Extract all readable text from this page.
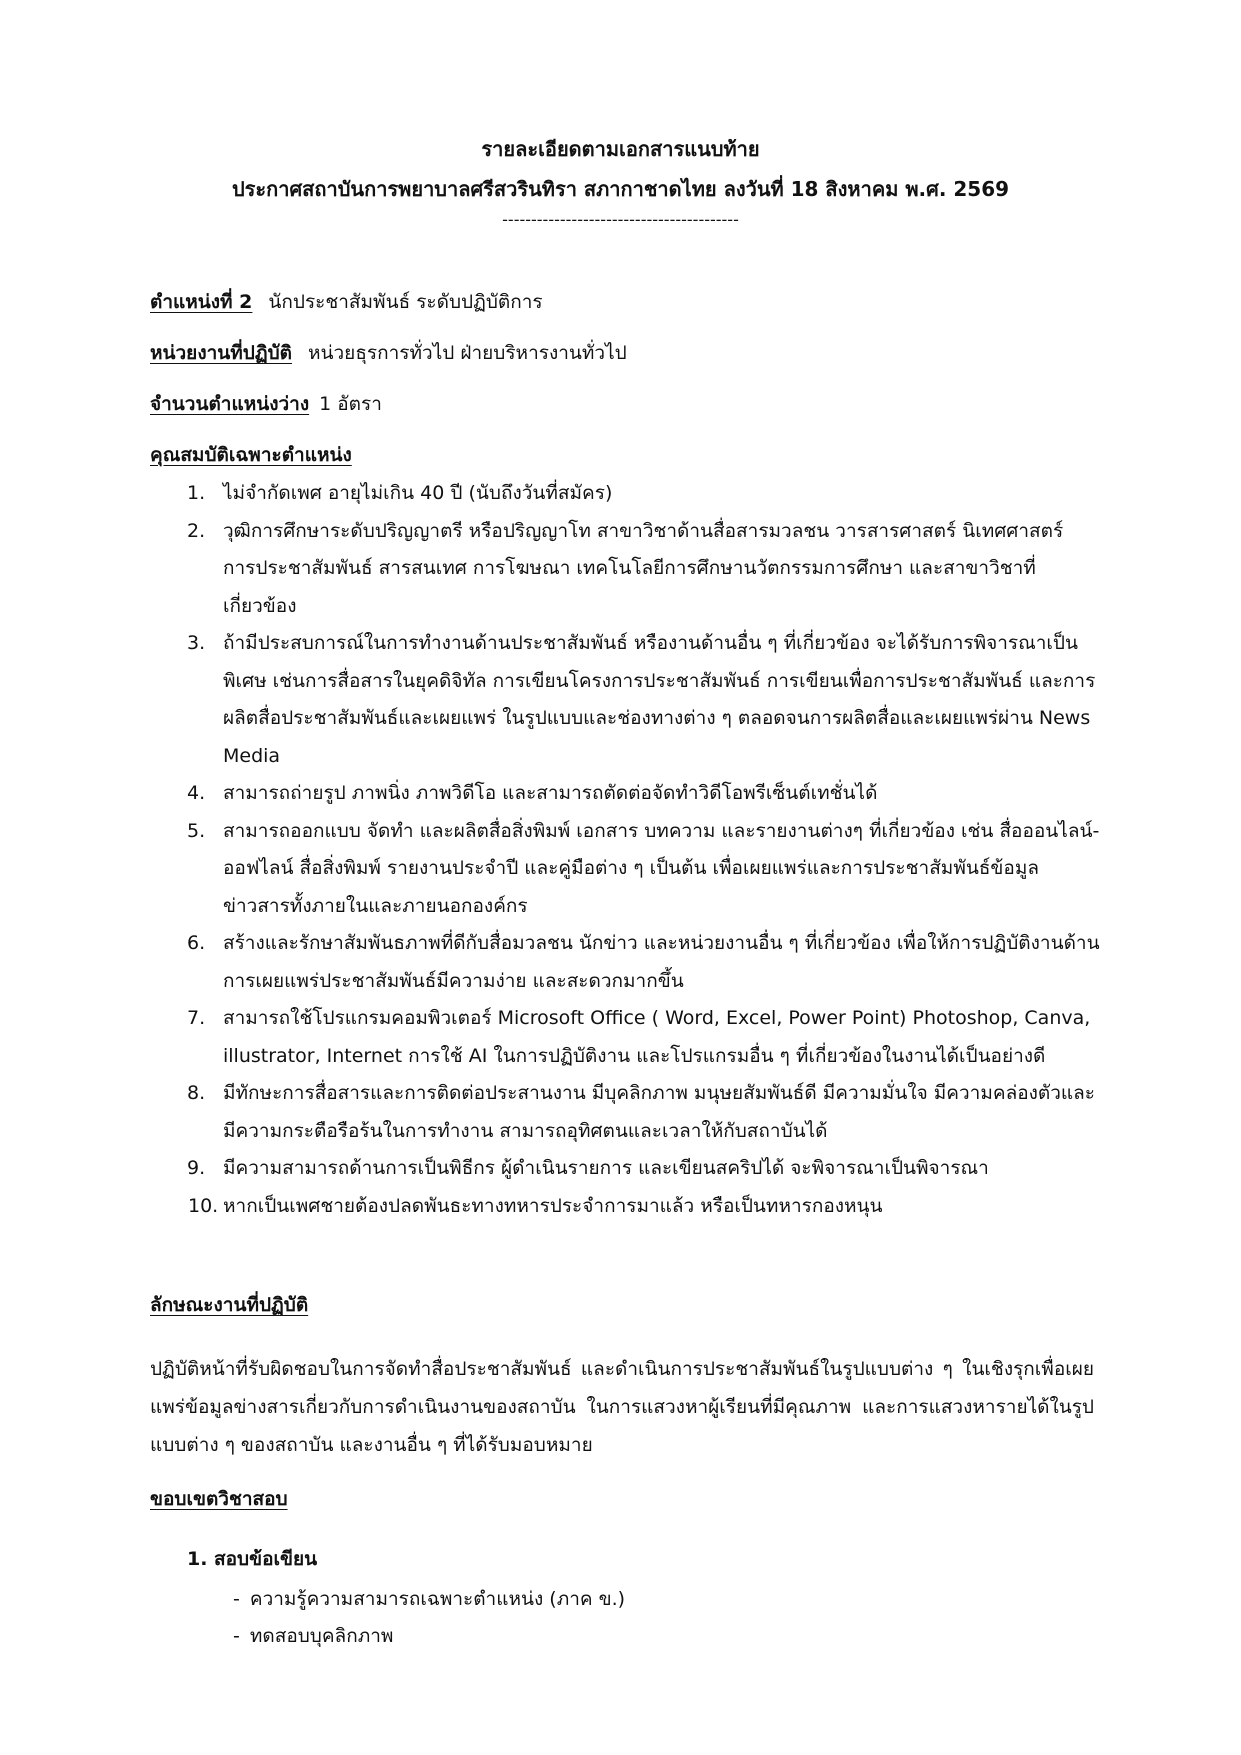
รายละเอียดตามเอกสารแนบท้าย
ประกาศสถาบันการพยาบาลศรีสวรินทิรา สภากาชาดไทย ลงวันที่ 18 สิงหาคม พ.ศ. 2569
-----------------------------------------
ตำแหน่งที่ 2 นักประชาสัมพันธ์ ระดับปฏิบัติการ
หน่วยงานที่ปฏิบัติ หน่วยธุรการทั่วไป ฝ่ายบริหารงานทั่วไป
จำนวนตำแหน่งว่าง 1 อัตรา
คุณสมบัติเฉพาะตำแหน่ง
1. ไม่จำกัดเพศ อายุไม่เกิน 40 ปี (นับถึงวันที่สมัคร)
2. วุฒิการศึกษาระดับปริญญาตรี หรือปริญญาโท สาขาวิชาด้านสื่อสารมวลชน วารสารศาสตร์ นิเทศศาสตร์ การประชาสัมพันธ์ สารสนเทศ การโฆษณา เทคโนโลยีการศึกษานวัตกรรมการศึกษา และสาขาวิชาที่เกี่ยวข้อง
3. ถ้ามีประสบการณ์ในการทำงานด้านประชาสัมพันธ์ หรืองานด้านอื่น ๆ ที่เกี่ยวข้อง จะได้รับการพิจารณาเป็นพิเศษ เช่นการสื่อสารในยุคดิจิทัล การเขียนโครงการประชาสัมพันธ์ การเขียนเพื่อการประชาสัมพันธ์ และการผลิตสื่อประชาสัมพันธ์และเผยแพร่ ในรูปแบบและช่องทางต่าง ๆ ตลอดจนการผลิตสื่อและเผยแพร่ผ่าน News Media
4. สามารถถ่ายรูป ภาพนิ่ง ภาพวิดีโอ และสามารถตัดต่อจัดทำวิดีโอพรีเซ็นต์เทชั่นได้
5. สามารถออกแบบ จัดทำ และผลิตสื่อสิ่งพิมพ์ เอกสาร บทความ และรายงานต่างๆ ที่เกี่ยวข้อง เช่น สื่อออนไลน์-ออฟไลน์ สื่อสิ่งพิมพ์ รายงานประจำปี และคู่มือต่าง ๆ เป็นต้น เพื่อเผยแพร่และการประชาสัมพันธ์ข้อมูลข่าวสารทั้งภายในและภายนอกองค์กร
6. สร้างและรักษาสัมพันธภาพที่ดีกับสื่อมวลชน นักข่าว และหน่วยงานอื่น ๆ ที่เกี่ยวข้อง เพื่อให้การปฏิบัติงานด้านการเผยแพร่ประชาสัมพันธ์มีความง่าย และสะดวกมากขึ้น
7. สามารถใช้โปรแกรมคอมพิวเตอร์ Microsoft Office ( Word, Excel, Power Point) Photoshop, Canva, illustrator, Internet การใช้ AI ในการปฏิบัติงาน และโปรแกรมอื่น ๆ ที่เกี่ยวข้องในงานได้เป็นอย่างดี
8. มีทักษะการสื่อสารและการติดต่อประสานงาน มีบุคลิกภาพ มนุษยสัมพันธ์ดี มีความมั่นใจ มีความคล่องตัวและมีความกระตือรือร้นในการทำงาน สามารถอุทิศตนและเวลาให้กับสถาบันได้
9. มีความสามารถด้านการเป็นพิธีกร ผู้ดำเนินรายการ และเขียนสคริปได้ จะพิจารณาเป็นพิจารณา
10. หากเป็นเพศชายต้องปลดพันธะทางทหารประจำการมาแล้ว หรือเป็นทหารกองหนุน
ลักษณะงานที่ปฏิบัติ
ปฏิบัติหน้าที่รับผิดชอบในการจัดทำสื่อประชาสัมพันธ์ และดำเนินการประชาสัมพันธ์ในรูปแบบต่าง ๆ ในเชิงรุกเพื่อเผยแพร่ข้อมูลข่างสารเกี่ยวกับการดำเนินงานของสถาบัน ในการแสวงหาผู้เรียนที่มีคุณภาพ และการแสวงหารายได้ในรูปแบบต่าง ๆ ของสถาบัน และงานอื่น ๆ ที่ได้รับมอบหมาย
ขอบเขตวิชาสอบ
1. สอบข้อเขียน
- ความรู้ความสามารถเฉพาะตำแหน่ง (ภาค ข.)
- ทดสอบบุคลิกภาพ
